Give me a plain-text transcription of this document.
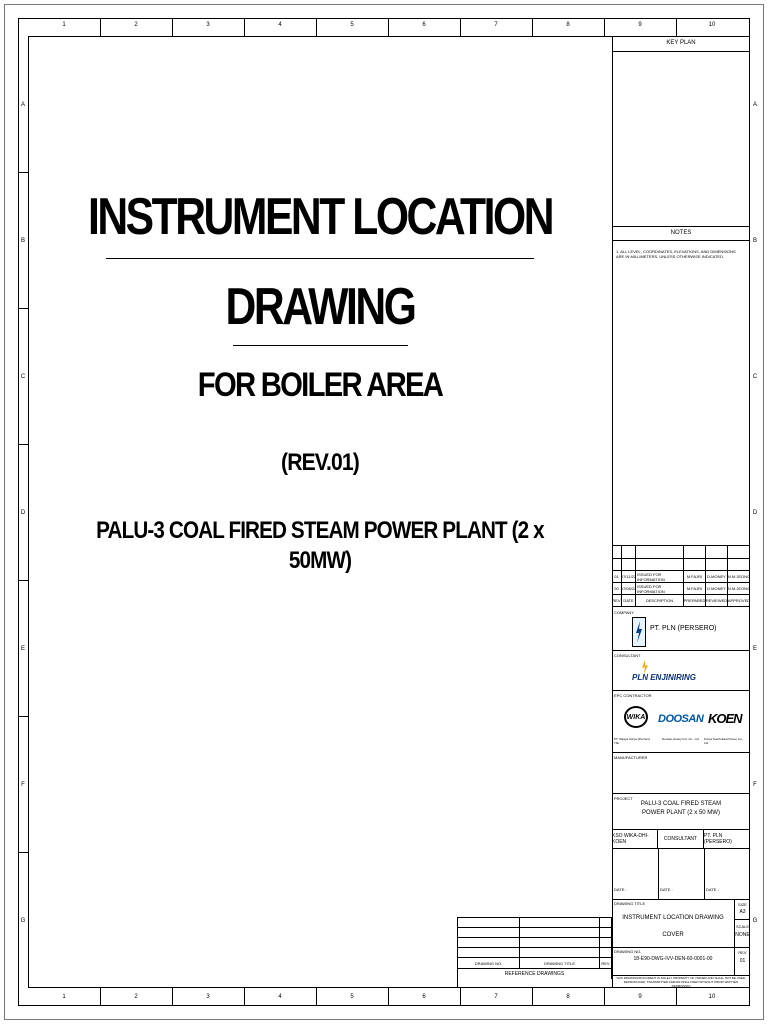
1	2	3	4	5	6	7	8	9	10
1	2	3	4	5	6	7	8	9	10
A
B
C
D
E
F
G
A
B
C
D
E
F
G
INSTRUMENT LOCATION
DRAWING
FOR BOILER AREA
(REV.01)
PALU-3 COAL FIRED STEAM POWER PLANT (2 x 50MW)
KEY PLAN
NOTES
1. ALL LEVEL, COORDINATES, ELEVATIONS, AND DIMENSIONS ARE IN MILLIMETERS, UNLESS OTHERWISE INDICATED.
01 07/11/22 ISSUED FOR INFORMATION	M.FAJRI	D.MONEY N.M.JEONG
00 07/08/22 ISSUED FOR INFORMATION	M.FAJRI	D.MONEY N.M.JEONG
REV DATE	DESCRIPTION	PREPARED REVIEWED APPROVED
COMPANY
PT. PLN (PERSERO)
CONSULTANT
PLN ENJINIRING
EPC CONTRACTOR
WIKA DOOSAN KOEN
PT. Wijaya Karya (Persero) Tbk
Doosan Heavy Ind. Co., Ltd	Korea South-East Power Co., Ltd
MANUFACTURER
PROJECT
PALU-3 COAL FIRED STEAM
POWER PLANT (2 x 50 MW)
KSO WIKA-DHI-KOEN	CONSULTANT	PT. PLN (PERSERO)
DATE :	DATE :	DATE :
DRAWING TITLE
INSTRUMENT LOCATION DRAWING
COVER
SIZE
A3
SCALE
NONE
DRAWING NO.
18-E90-DWG-IVV-DEN-60-0001-00
REV
01
THIS DRAWING/DOCUMENT IS SOLELY PROPERTY OF OWNER AND SHALL NOT BE USED, REPRODUCED, TRANSMITTED AND/OR DISCLOSED WITHOUT PRIOR WRITTEN PERMISSION
DRAWING NO.	DRAWING TITLE	REV
REFERENCE DRAWINGS
